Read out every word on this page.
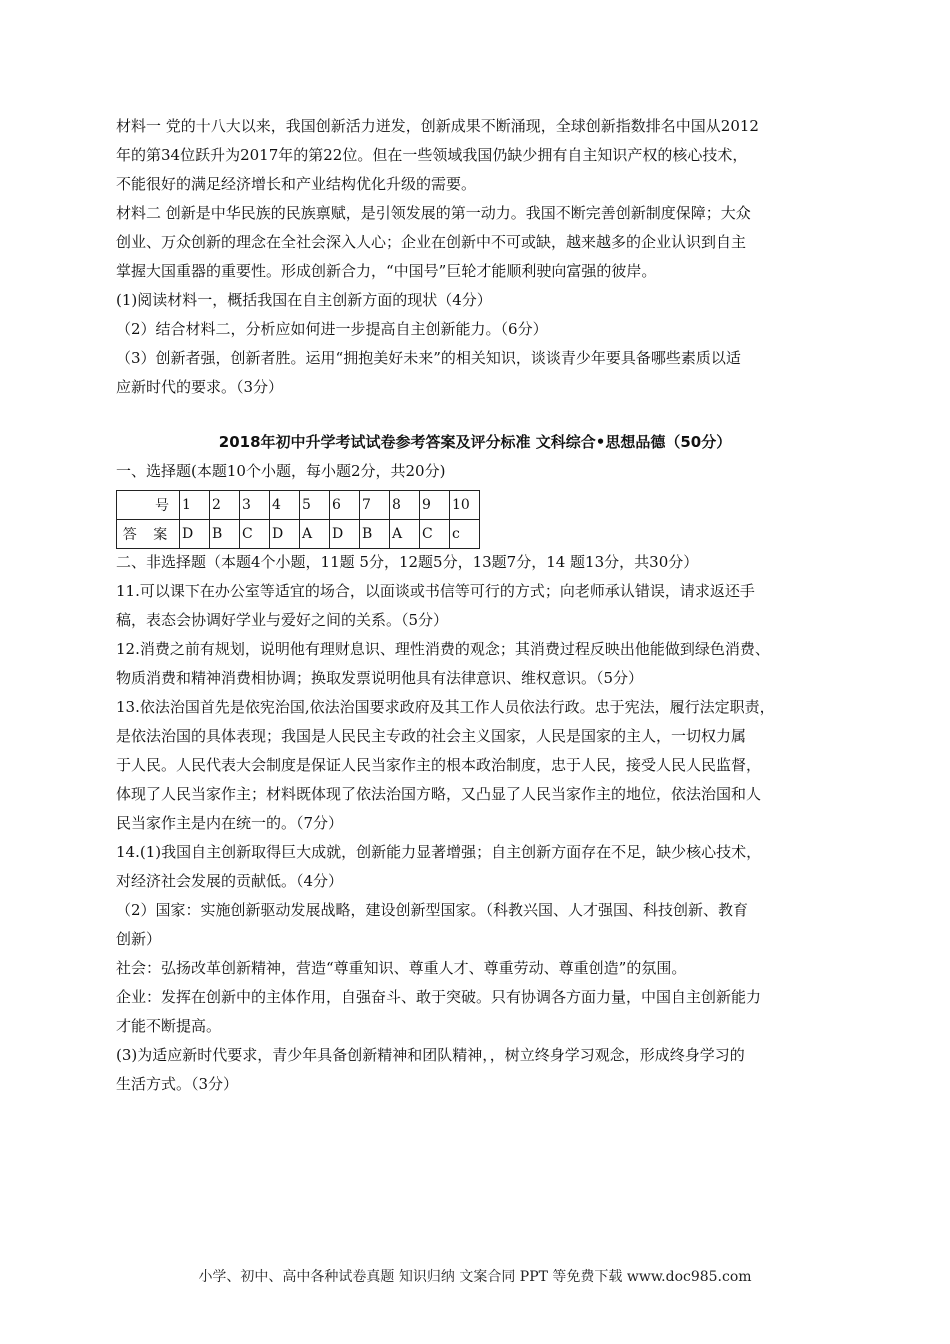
材料一 党的十八大以来，我国创新活力迸发，创新成果不断涌现，全球创新指数排名中国从2012

年的第34位跃升为2017年的第22位。但在一些领域我国仍缺少拥有自主知识产权的核心技术，

不能很好的满足经济增长和产业结构优化升级的需要。

材料二 创新是中华民族的民族禀赋，是引领发展的第一动力。我国不断完善创新制度保障；大众

创业、万众创新的理念在全社会深入人心；企业在创新中不可或缺，越来越多的企业认识到自主

掌握大国重器的重要性。形成创新合力，“中国号”巨轮才能顺利驶向富强的彼岸。

(1)阅读材料一，概括我国在自主创新方面的现状（4分）

（2）结合材料二，分析应如何进一步提高自主创新能力。（6分）

（3）创新者强，创新者胜。运用“拥抱美好未来”的相关知识，谈谈青少年要具备哪些素质以适

应新时代的要求。（3分）

2018年初中升学考试试卷参考答案及评分标准 文科综合•思想品德（50分）

一、选择题(本题10个小题，每小题2分，共20分)

号	1	2	3	4	5	6	7	8	9	10
答 案	D	B	C	D	A	D	B	A	C	c

二、非选择题（本题4个小题，11题 5分，12题5分，13题7分，14 题13分，共30分）

11.可以课下在办公室等适宜的场合，以面谈或书信等可行的方式；向老师承认错误，请求返还手

稿，表态会协调好学业与爱好之间的关系。（5分）

12.消费之前有规划，说明他有理财息识、理性消费的观念；其消费过程反映出他能做到绿色消费、

物质消费和精神消费相协调；换取发票说明他具有法律意识、维权意识。（5分）

13.依法治国首先是依宪治国,依法治国要求政府及其工作人员依法行政。忠于宪法，履行法定职责，

是依法治国的具体表现；我国是人民民主专政的社会主义国家，人民是国家的主人，一切权力属

于人民。人民代表大会制度是保证人民当家作主的根本政治制度，忠于人民，接受人民人民监督，

体现了人民当家作主；材料既体现了依法治国方略，又凸显了人民当家作主的地位，依法治国和人

民当家作主是内在统一的。（7分）

14.(1)我国自主创新取得巨大成就，创新能力显著增强；自主创新方面存在不足，缺少核心技术，

对经济社会发展的贡献低。（4分）

（2）国家：实施创新驱动发展战略，建设创新型国家。（科教兴国、人才强国、科技创新、教育

创新）

社会：弘扬改革创新精神，营造“尊重知识、尊重人才、尊重劳动、尊重创造”的氛围。

企业：发挥在创新中的主体作用，自强奋斗、敢于突破。只有协调各方面力量，中国自主创新能力

才能不断提高。

(3)为适应新时代要求，青少年具备创新精神和团队精神，，树立终身学习观念，形成终身学习的

生活方式。（3分）

小学、初中、高中各种试卷真题 知识归纳 文案合同 PPT 等免费下载 www.doc985.com
